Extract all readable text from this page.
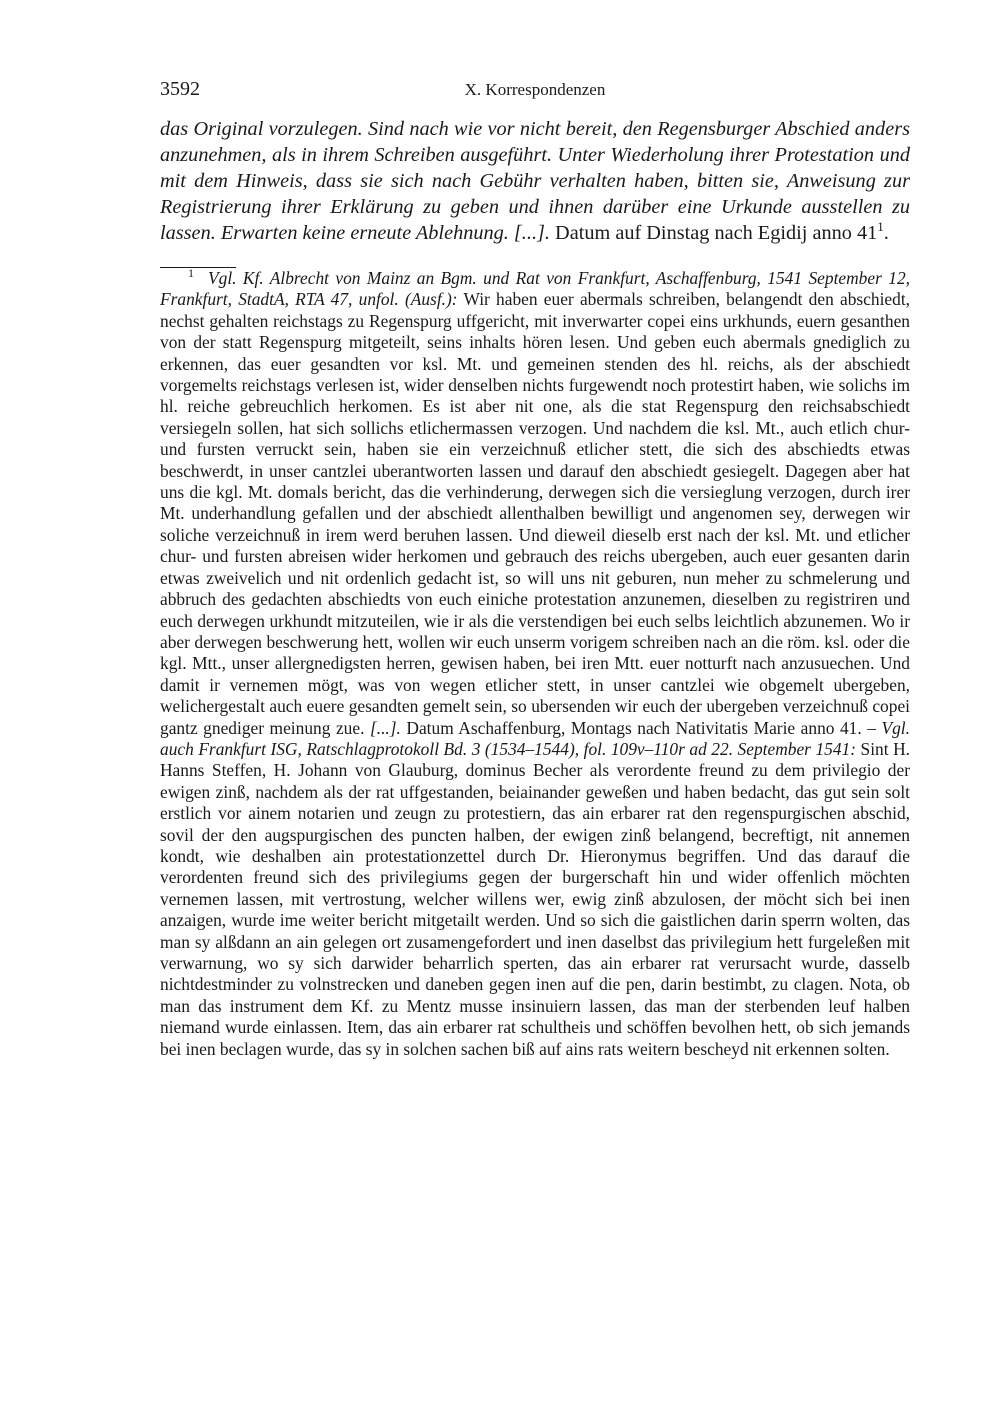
3592	X. Korrespondenzen

das Original vorzulegen. Sind nach wie vor nicht bereit, den Regensburger Abschied anders anzunehmen, als in ihrem Schreiben ausgeführt. Unter Wiederholung ihrer Protestation und mit dem Hinweis, dass sie sich nach Gebühr verhalten haben, bitten sie, Anweisung zur Registrierung ihrer Erklärung zu geben und ihnen darüber eine Urkunde ausstellen zu lassen. Erwarten keine erneute Ablehnung. [...]. Datum auf Dinstag nach Egidij anno $41^1$.

$^1$ Vgl. Kf. Albrecht von Mainz an Bgm. und Rat von Frankfurt, Aschaffenburg, 1541 September 12, Frankfurt, StadtA, RTA 47, unfol. (Ausf.): Wir haben euer abermals schreiben, belangendt den abschiedt, nechst gehalten reichstags zu Regenspurg uffgericht, mit inverwarter copei eins urkhunds, euern gesanthen von der statt Regenspurg mitgeteilt, seins inhalts hören lesen. Und geben euch abermals gnediglich zu erkennen, das euer gesandten vor ksl. Mt. und gemeinen stenden des hl. reichs, als der abschiedt vorgemelts reichstags verlesen ist, wider denselben nichts furgewendt noch protestirt haben, wie solichs im hl. reiche gebreuchlich herkomen. Es ist aber nit one, als die stat Regenspurg den reichsabschiedt versiegeln sollen, hat sich sollichs etlichermassen verzogen. Und nachdem die ksl. Mt., auch etlich chur- und fursten verruckt sein, haben sie ein verzeichnuß etlicher stett, die sich des abschiedts etwas beschwerdt, in unser cantzlei uberantworten lassen und darauf den abschiedt gesiegelt. Dagegen aber hat uns die kgl. Mt. domals bericht, das die verhinderung, derwegen sich die versieglung verzogen, durch irer Mt. underhandlung gefallen und der abschiedt allenthalben bewilligt und angenomen sey, derwegen wir soliche verzeichnuß in irem werd beruhen lassen. Und dieweil dieselb erst nach der ksl. Mt. und etlicher chur- und fursten abreisen wider herkomen und gebrauch des reichs ubergeben, auch euer gesanten darin etwas zweivelich und nit ordenlich gedacht ist, so will uns nit geburen, nun meher zu schmelerung und abbruch des gedachten abschiedts von euch einiche protestation anzunemen, dieselben zu registriren und euch derwegen urkhundt mitzuteilen, wie ir als die verstendigen bei euch selbs leichtlich abzunemen. Wo ir aber derwegen beschwerung hett, wollen wir euch unserm vorigem schreiben nach an die röm. ksl. oder die kgl. Mtt., unser allergnedigsten herren, gewisen haben, bei iren Mtt. euer notturft nach anzusuechen. Und damit ir vernemen mögt, was von wegen etlicher stett, in unser cantzlei wie obgemelt ubergeben, welichergestalt auch euere gesandten gemelt sein, so ubersenden wir euch der ubergeben verzeichnuß copei gantz gnediger meinung zue. [...]. Datum Aschaffenburg, Montags nach Nativitatis Marie anno 41. – Vgl. auch Frankfurt ISG, Ratschlagprotokoll Bd. 3 (1534–1544), fol. 109v–110r ad 22. September 1541: Sint H. Hanns Steffen, H. Johann von Glauburg, dominus Becher als verordente freund zu dem privilegio der ewigen zinß, nachdem als der rat uffgestanden, beiainander geweßen und haben bedacht, das gut sein solt erstlich vor ainem notarien und zeugn zu protestiern, das ain erbarer rat den regenspurgischen abschid, sovil der den augspurgischen des puncten halben, der ewigen zinß belangend, becreftigt, nit annemen kondt, wie deshalben ain protestationzettel durch Dr. Hieronymus begriffen. Und das darauf die verordenten freund sich des privilegiums gegen der burgerschaft hin und wider offenlich möchten vernemen lassen, mit vertrostung, welcher willens wer, ewig zinß abzulosen, der möcht sich bei inen anzaigen, wurde ime weiter bericht mitgetailt werden. Und so sich die gaistlichen darin sperrn wolten, das man sy alßdann an ain gelegen ort zusamengefordert und inen daselbst das privilegium hett furgeleßen mit verwarnung, wo sy sich darwider beharrlich sperten, das ain erbarer rat verursacht wurde, dasselb nichtdestminder zu volnstrecken und daneben gegen inen auf die pen, darin bestimbt, zu clagen. Nota, ob man das instrument dem Kf. zu Mentz musse insinuiern lassen, das man der sterbenden leuf halben niemand wurde einlassen. Item, das ain erbarer rat schultheis und schöffen bevolhen hett, ob sich jemands bei inen beclagen wurde, das sy in solchen sachen biß auf ains rats weitern bescheyd nit erkennen solten.
